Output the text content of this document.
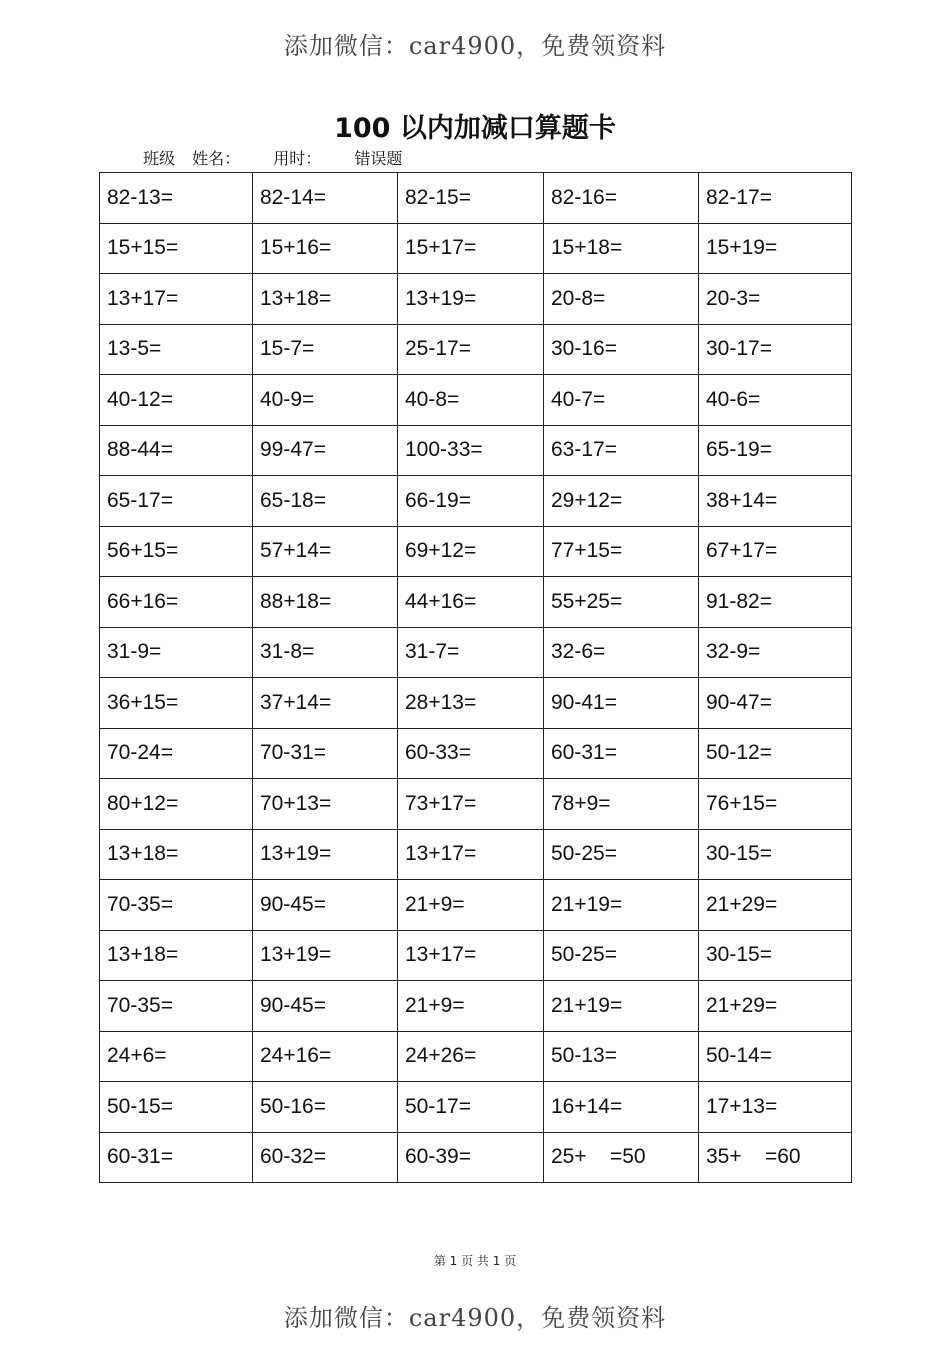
添加微信：car4900，免费领资料
100 以内加减口算题卡
班级 姓名： 用时： 错误题
82-13=	82-14=	82-15=	82-16=	82-17=
15+15=	15+16=	15+17=	15+18=	15+19=
13+17=	13+18=	13+19=	20-8=	20-3=
13-5=	15-7=	25-17=	30-16=	30-17=
40-12=	40-9=	40-8=	40-7=	40-6=
88-44=	99-47=	100-33=	63-17=	65-19=
65-17=	65-18=	66-19=	29+12=	38+14=
56+15=	57+14=	69+12=	77+15=	67+17=
66+16=	88+18=	44+16=	55+25=	91-82=
31-9=	31-8=	31-7=	32-6=	32-9=
36+15=	37+14=	28+13=	90-41=	90-47=
70-24=	70-31=	60-33=	60-31=	50-12=
80+12=	70+13=	73+17=	78+9=	76+15=
13+18=	13+19=	13+17=	50-25=	30-15=
70-35=	90-45=	21+9=	21+19=	21+29=
13+18=	13+19=	13+17=	50-25=	30-15=
70-35=	90-45=	21+9=	21+19=	21+29=
24+6=	24+16=	24+26=	50-13=	50-14=
50-15=	50-16=	50-17=	16+14=	17+13=
60-31=	60-32=	60-39=	25+    =50	35+    =60
第 1 页 共 1 页
添加微信：car4900，免费领资料
